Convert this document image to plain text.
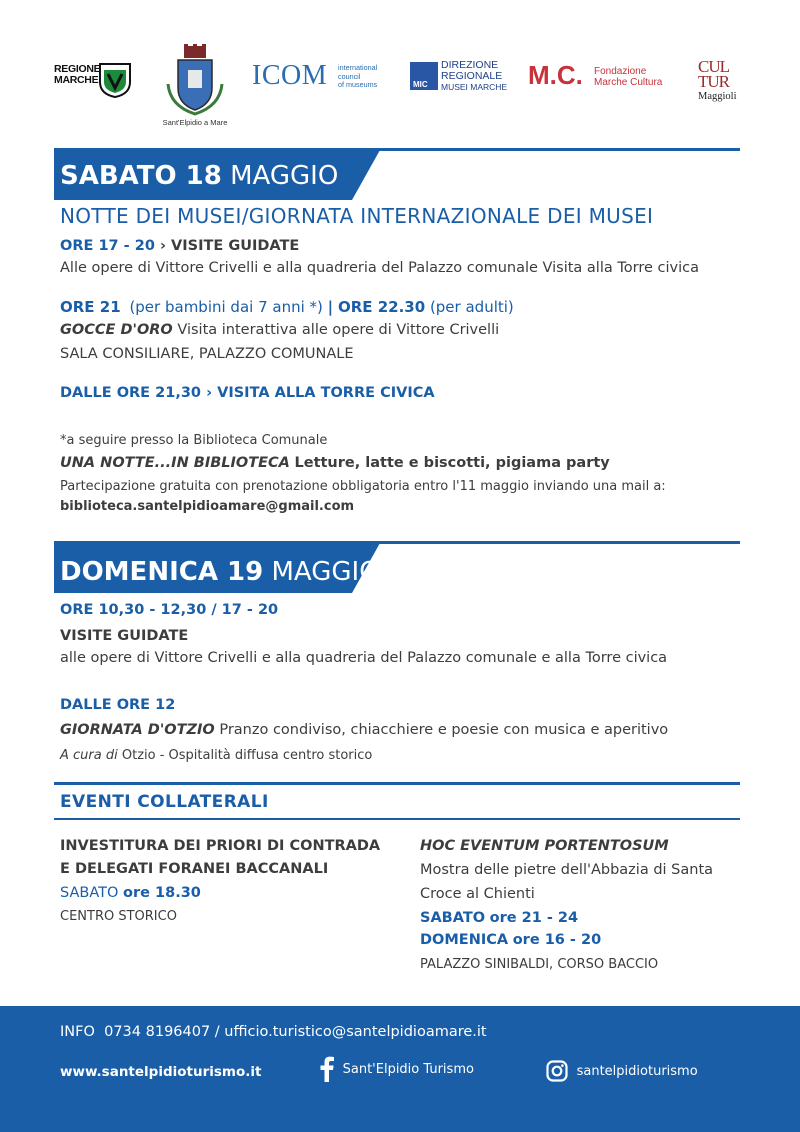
REGIONE MARCHE
Sant'Elpidio a Mare
ICOM international
council
of museums	MIC
DIREZIONE
REGIONALE
MUSEI MARCHE M.C. Fondazione
Marche Cultura
CUL
TUR
Maggioli
SABATO 18 MAGGIO
NOTTE DEI MUSEI/GIORNATA INTERNAZIONALE DEI MUSEI
ORE 17 - 20 › VISITE GUIDATE
Alle opere di Vittore Crivelli e alla quadreria del Palazzo comunale Visita alla Torre civica
ORE 21 (per bambini dai 7 anni *) | ORE 22.30 (per adulti)
GOCCE D'ORO Visita interattiva alle opere di Vittore Crivelli
SALA CONSILIARE, PALAZZO COMUNALE
DALLE ORE 21,30 › VISITA ALLA TORRE CIVICA
*a seguire presso la Biblioteca Comunale
UNA NOTTE...IN BIBLIOTECA Letture, latte e biscotti, pigiama party
Partecipazione gratuita con prenotazione obbligatoria entro l'11 maggio inviando una mail a:
biblioteca.santelpidioamare@gmail.com
DOMENICA 19 MAGGIO
ORE 10,30 - 12,30 / 17 - 20
VISITE GUIDATE
alle opere di Vittore Crivelli e alla quadreria del Palazzo comunale e alla Torre civica
DALLE ORE 12
GIORNATA D'OTZIO Pranzo condiviso, chiacchiere e poesie con musica e aperitivo
A cura di Otzio - Ospitalità diffusa centro storico
EVENTI COLLATERALI
INVESTITURA DEI PRIORI DI CONTRADA
E DELEGATI FORANEI BACCANALI
SABATO ore 18.30
CENTRO STORICO
HOC EVENTUM PORTENTOSUM
Mostra delle pietre dell'Abbazia di Santa
Croce al Chienti
SABATO ore 21 - 24
DOMENICA ore 16 - 20
PALAZZO SINIBALDI, CORSO BACCIO
INFO 0734 8196407 / ufficio.turistico@santelpidioamare.it
www.santelpidioturismo.it	Sant'Elpidio Turismo	santelpidioturismo
